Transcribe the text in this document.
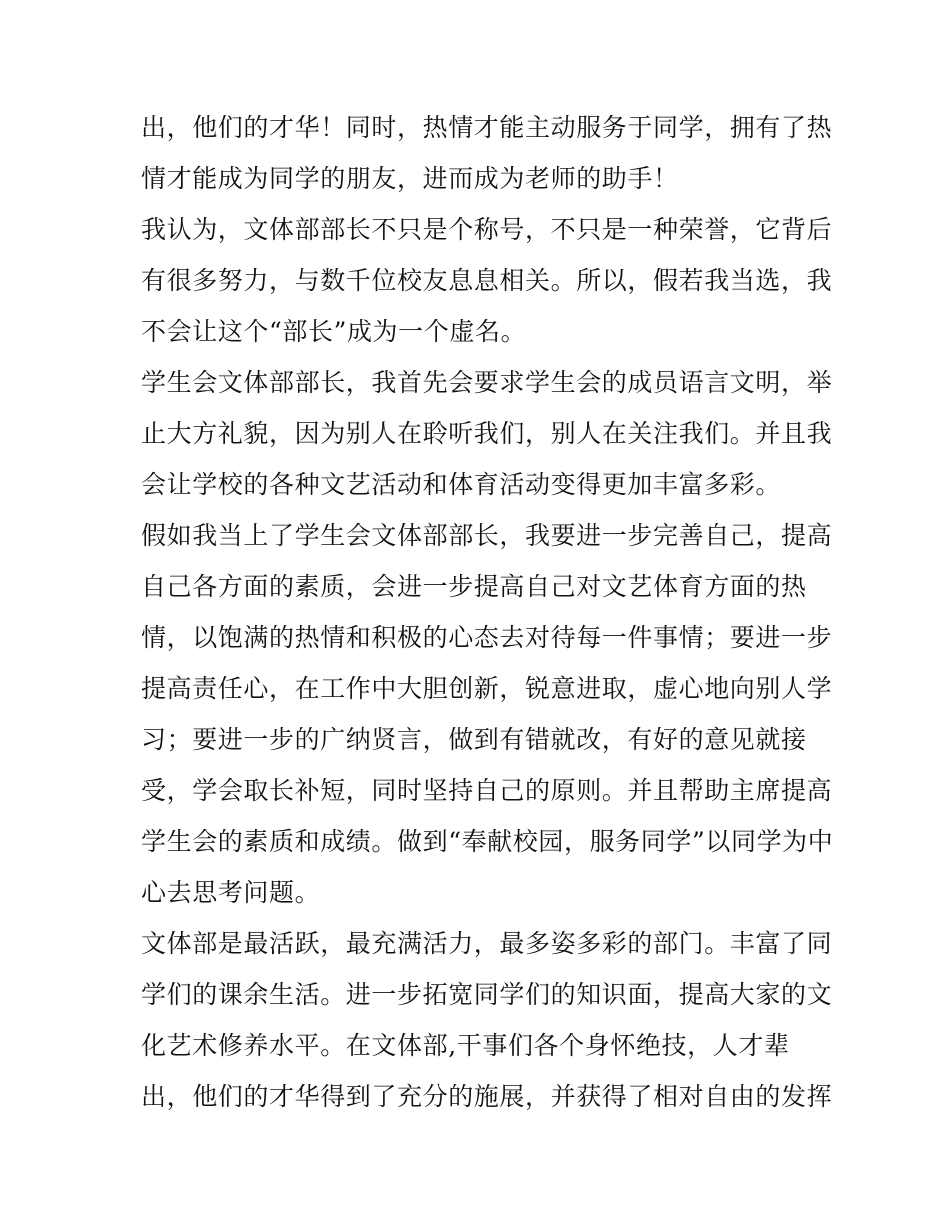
出，他们的才华！同时，热情才能主动服务于同学，拥有了热
情才能成为同学的朋友，进而成为老师的助手！
我认为，文体部部长不只是个称号，不只是一种荣誉，它背后
有很多努力，与数千位校友息息相关。所以，假若我当选，我
不会让这个“部长”成为一个虚名。
学生会文体部部长，我首先会要求学生会的成员语言文明，举
止大方礼貌，因为别人在聆听我们，别人在关注我们。并且我
会让学校的各种文艺活动和体育活动变得更加丰富多彩。
假如我当上了学生会文体部部长，我要进一步完善自己，提高
自己各方面的素质，会进一步提高自己对文艺体育方面的热
情，以饱满的热情和积极的心态去对待每一件事情；要进一步
提高责任心，在工作中大胆创新，锐意进取，虚心地向别人学
习；要进一步的广纳贤言，做到有错就改，有好的意见就接
受，学会取长补短，同时坚持自己的原则。并且帮助主席提高
学生会的素质和成绩。做到“奉献校园，服务同学”以同学为中
心去思考问题。
文体部是最活跃，最充满活力，最多姿多彩的部门。丰富了同
学们的课余生活。进一步拓宽同学们的知识面，提高大家的文
化艺术修养水平。在文体部,干事们各个身怀绝技，人才辈
出，他们的才华得到了充分的施展，并获得了相对自由的发挥
